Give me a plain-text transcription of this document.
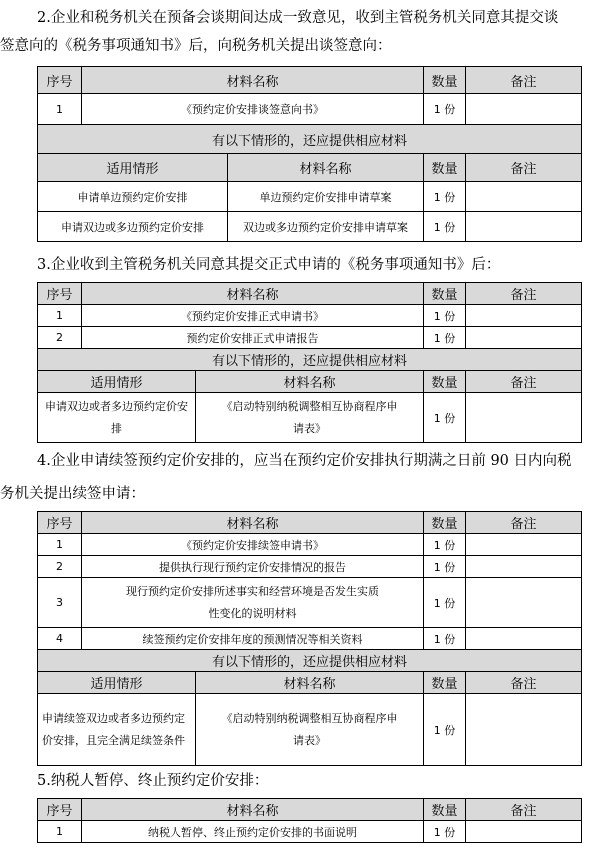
2.企业和税务机关在预备会谈期间达成一致意见，收到主管税务机关同意其提交谈
签意向的《税务事项通知书》后，向税务机关提出谈签意向：
序号	材料名称		数量	备注
1	《预约定价安排谈签意向书》		1 份	
有以下情形的，还应提供相应材料				
适用情形		材料名称	数量	备注
申请单边预约定价安排		单边预约定价安排申请草案	1 份	
申请双边或多边预约定价安排		双边或多边预约定价安排申请草案	1 份	
3.企业收到主管税务机关同意其提交正式申请的《税务事项通知书》后：
序号	材料名称		数量	备注
1	《预约定价安排正式申请书》		1 份	
2	预约定价安排正式申请报告		1 份	
有以下情形的，还应提供相应材料				
适用情形		材料名称	数量	备注
申请双边或者多边预约定价安排		《启动特别纳税调整相互协商程序申请表》	1 份	
4.企业申请续签预约定价安排的，应当在预约定价安排执行期满之日前 90 日内向税
务机关提出续签申请：
序号	材料名称		数量	备注
1	《预约定价安排续签申请书》		1 份	
2	提供执行现行预约定价安排情况的报告		1 份	
3	现行预约定价安排所述事实和经营环境是否发生实质性变化的说明材料		1 份	
4	续签预约定价安排年度的预测情况等相关资料		1 份	
有以下情形的，还应提供相应材料				
适用情形		材料名称	数量	备注
申请续签双边或者多边预约定价安排，且完全满足续签条件		《启动特别纳税调整相互协商程序申请表》	1 份	
5.纳税人暂停、终止预约定价安排：
序号	材料名称	数量	备注
1	纳税人暂停、终止预约定价安排的书面说明	1 份	
